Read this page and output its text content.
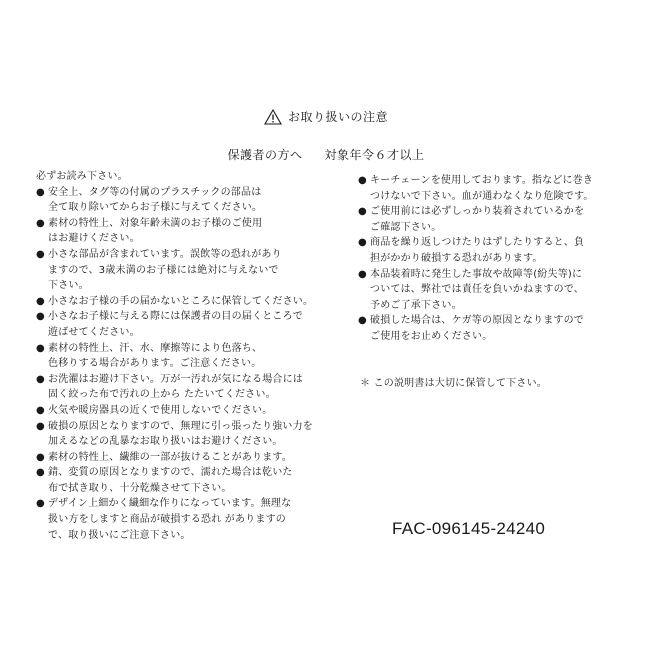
お取り扱いの注意
保護者の方へ 対象年令６才以上
必ずお読み下さい。
● 安全上、タグ等の付属のプラスチックの部品は
全て取り除いてからお子様に与えてください。
● 素材の特性上、対象年齢未満のお子様のご使用
はお避けください。
● 小さな部品が含まれています。誤飲等の恐れがあり
ますので、3歳未満のお子様には絶対に与えないで
下さい。
● 小さなお子様の手の届かないところに保管してください。
● 小さなお子様に与える際には保護者の目の届くところで
遊ばせてください。
● 素材の特性上、汗、水、摩擦等により色落ち、
色移りする場合があります。ご注意ください。
● お洗濯はお避け下さい。万が一汚れが気になる場合には
固く絞った布で汚れの上から たたいてください。
● 火気や暖房器具の近くで使用しないでください。
● 破損の原因となりますので、無理に引っ張ったり強い力を
加えるなどの乱暴なお取り扱いはお避けください。
● 素材の特性上、繊維の一部が抜けることがあります。
● 錆、変質の原因となりますので、濡れた場合は乾いた
布で拭き取り、十分乾燥させて下さい。
● デザイン上細かく繊細な作りになっています。無理な
扱い方をしますと商品が破損する恐れ がありますの
で、取り扱いにご注意下さい。
● キーチェーンを使用しております。指などに巻き
つけないで下さい。血が通わなくなり危険です。
● ご使用前には必ずしっかり装着されているかを
ご確認下さい。
● 商品を繰り返しつけたりはずしたりすると、負
担がかかり破損する恐れがあります。
● 本品装着時に発生した事故や故障等(紛失等)に
ついては、弊社では責任を負いかねますので、
予めご了承下さい。
● 破損した場合は、ケガ等の原因となりますので
ご使用をお止めください。
＊ この説明書は大切に保管して下さい。
FAC-096145-24240
